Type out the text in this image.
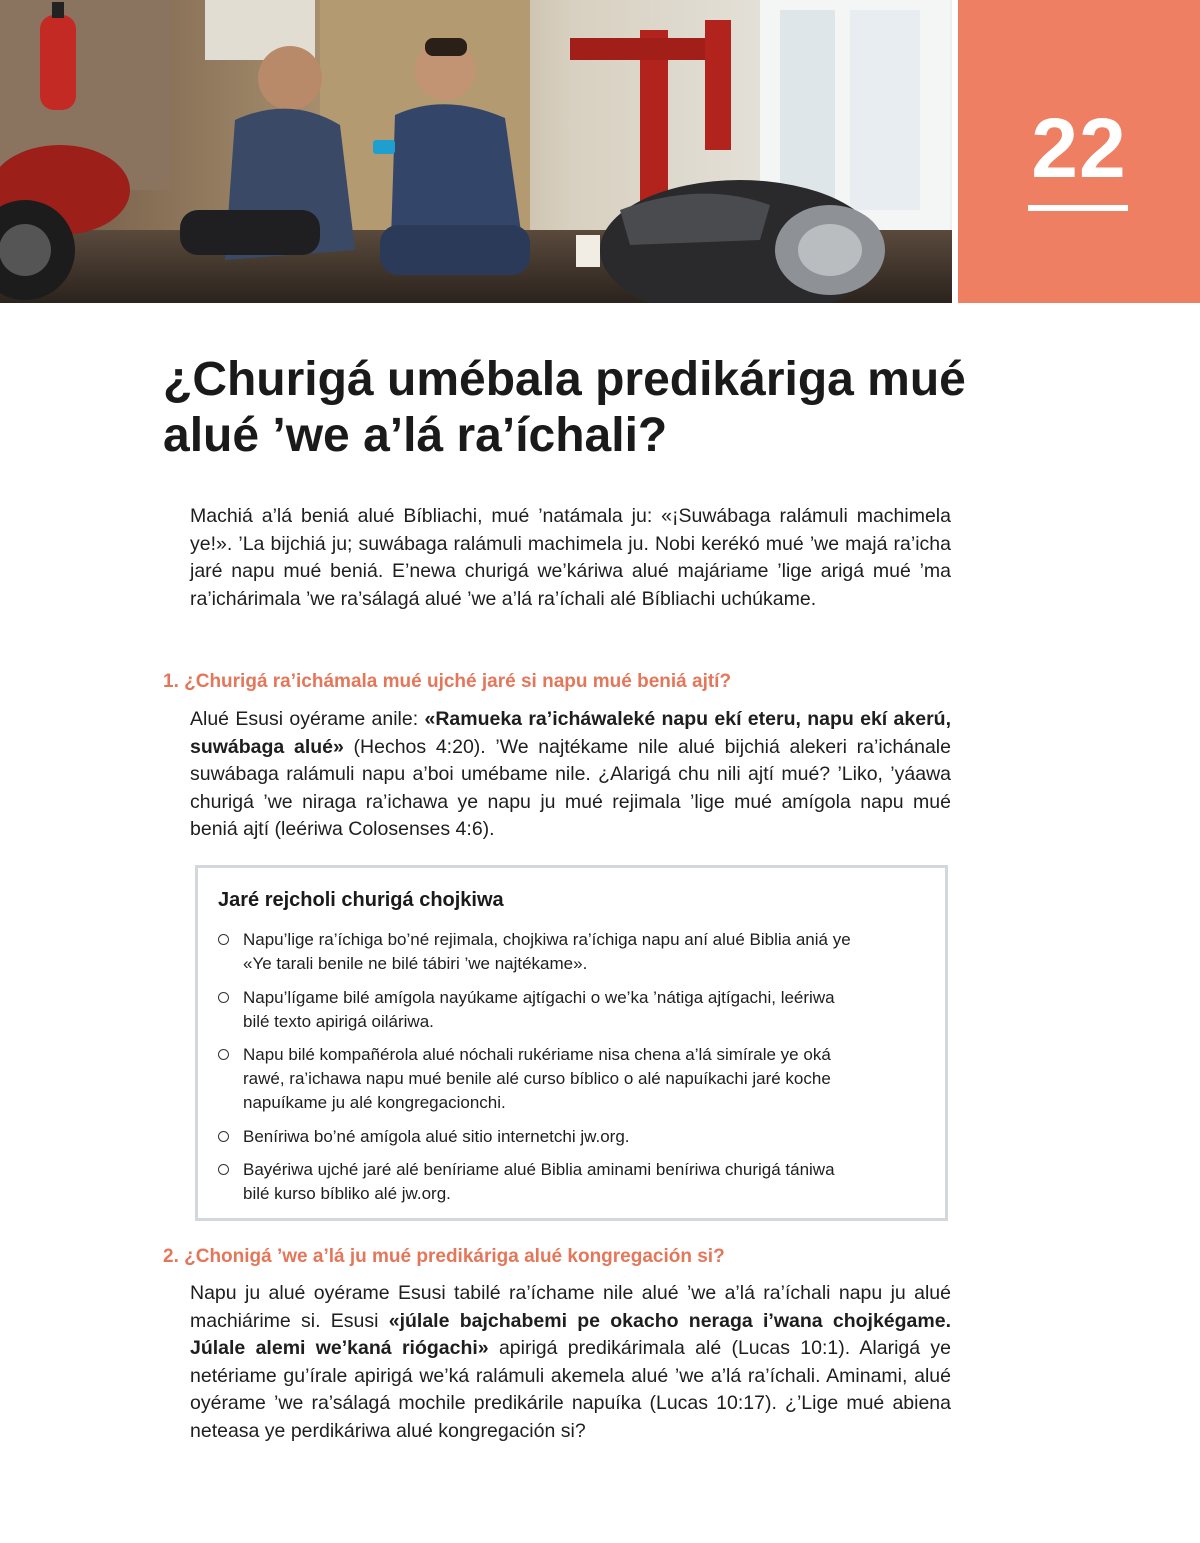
22
¿Churigá umébala predikáriga mué alué ’we a’lá ra’íchali?

Machiá a’lá beniá alué Bíbliachi, mué ’natámala ju: «¡Suwábaga ralámuli machimela ye!». ’La bijchiá ju; suwábaga ralámuli machimela ju. Nobi kerékó mué ’we majá ra’icha jaré napu mué beniá. E’newa churigá we’káriwa alué majáriame ’lige arigá mué ’ma ra’ichárimala ’we ra’sálagá alué ’we a’lá ra’íchali alé Bíbliachi uchúkame.

1. ¿Churigá ra’ichámala mué ujché jaré si napu mué beniá ajtí?

Alué Esusi oyérame anile: «Ramueka ra’icháwaleké napu ekí eteru, napu ekí akerú, suwábaga alué» (Hechos 4:20). ’We najtékame nile alué bijchiá alekeri ra’ichánale suwábaga ralámuli napu a’boi umébame nile. ¿Alarigá chu nili ajtí mué? ’Liko, ’yáawa churigá ’we niraga ra’ichawa ye napu ju mué rejimala ’lige mué amígola napu mué beniá ajtí (leériwa Colosenses 4:6).

Jaré rejcholi churigá chojkiwa

Napu’lige ra’íchiga bo’né rejimala, chojkiwa ra’íchiga napu aní alué Biblia aniá ye «Ye tarali benile ne bilé tábiri ’we najtékame».
Napu’lígame bilé amígola nayúkame ajtígachi o we’ka ’nátiga ajtígachi, leériwa bilé texto apirigá oiláriwa.
Napu bilé kompañérola alué nóchali rukériame nisa chena a’lá simírale ye oká rawé, ra’ichawa napu mué benile alé curso bíblico o alé napuíkachi jaré koche napuíkame ju alé kongregacionchi.
Beníriwa bo’né amígola alué sitio internetchi jw.org.
Bayériwa ujché jaré alé beníriame alué Biblia aminami beníriwa churigá tániwa bilé kurso bíbliko alé jw.org.

2. ¿Chonigá ’we a’lá ju mué predikáriga alué kongregación si?

Napu ju alué oyérame Esusi tabilé ra’íchame nile alué ’we a’lá ra’íchali napu ju alué machiárime si. Esusi «júlale bajchabemi pe okacho neraga i’wana chojkégame. Júlale alemi we’kaná riógachi» apirigá predikárimala alé (Lucas 10:1). Alarigá ye netériame gu’írale apirigá we’ká ralámuli akemela alué ’we a’lá ra’íchali. Aminami, alué oyérame ’we ra’sálagá mochile predikárile napuíka (Lucas 10:17). ¿’Lige mué abiena neteasa ye perdikáriwa alué kongregación si?
